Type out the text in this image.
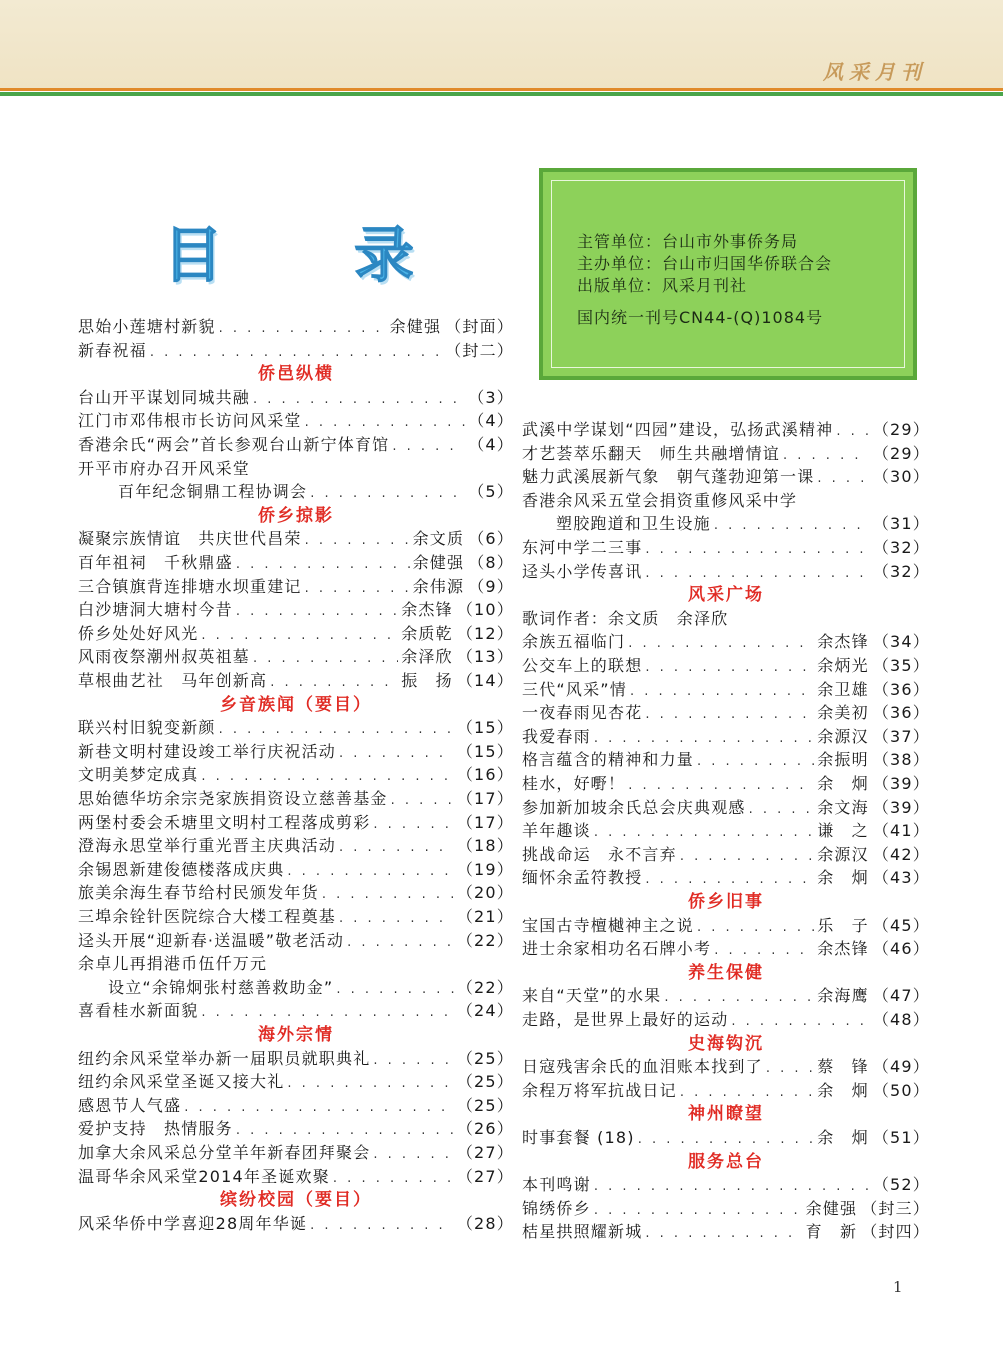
风采月刊
目 录	主管单位：台山市外事侨务局
主办单位：台山市归国华侨联合会
出版单位：风采月刊社
国内统一刊号CN44-(Q)1084号
思始小莲塘村新貌 . . .	余健强 （封面）
新春祝福 . . .	（封二）
侨邑纵横
台山开平谋划同城共融 . . .	（3）
江门市邓伟根市长访问风采堂 . . .	（4）
香港余氏“两会”首长参观台山新宁体育馆 . . .	（4）
开平市府办召开风采堂
百年纪念铜鼎工程协调会 . . .	（5）
侨乡掠影
凝聚宗族情谊　共庆世代昌荣 . . .	余文质 （6）
百年祖祠　千秋鼎盛 . . .	余健强 （8）
三合镇旗背连排塘水坝重建记 . . .	余伟源 （9）
白沙塘洞大塘村今昔 . . .	余杰锋 （10）
侨乡处处好风光 . . .	余质乾 （12）
风雨夜祭潮州叔英祖墓 . . .	余泽欣 （13）
草根曲艺社　马年创新高 . . .	振　扬 （14）
乡音族闻（要目）
联兴村旧貌变新颜 . . .	（15）
新巷文明村建设竣工举行庆祝活动 . . .	（15）
文明美梦定成真 . . .	（16）
思始德华坊余宗尧家族捐资设立慈善基金 . . .	（17）
两堡村委会禾塘里文明村工程落成剪彩 . . .	（17）
澄海永思堂举行重光晋主庆典活动 . . .	（18）
余锡恩新建俊德楼落成庆典 . . .	（19）
旅美余海生春节给村民颁发年货 . . .	（20）
三埠余铨针医院综合大楼工程奠基 . . .	（21）
迳头开展“迎新春·送温暖”敬老活动 . . .	（22）
余卓儿再捐港币伍仟万元
设立“余锦炯张村慈善救助金” . . .	（22）
喜看桂水新面貌 . . .	（24）
海外宗情
纽约余风采堂举办新一届职员就职典礼 . . .	（25）
纽约余风采堂圣诞又接大礼 . . .	（25）
感恩节人气盛 . . .	（25）
爱护支持　热情服务 . . .	（26）
加拿大余风采总分堂羊年新春团拜聚会 . . .	（27）
温哥华余风采堂2014年圣诞欢聚 . . .	（27）
缤纷校园（要目）
风采华侨中学喜迎28周年华诞 . . .	（28）
武溪中学谋划“四园”建设，弘扬武溪精神 . . . （29）
才艺荟萃乐翻天　师生共融增情谊 . . .	（29）
魅力武溪展新气象　朝气蓬勃迎第一课 . . .	（30）
香港余风采五堂会捐资重修风采中学
塑胶跑道和卫生设施 . . .	（31）
东河中学二三事 . . .	（32）
迳头小学传喜讯 . . .	（32）
风采广场
歌词作者：余文质　余泽欣
余族五福临门 . . .	余杰锋 （34）
公交车上的联想 . . .	余炳光 （35）
三代“风采”情 . . .	余卫雄 （36）
一夜春雨见杏花 . . .	余美初 （36）
我爱春雨 . . .	余源汉 （37）
格言蕴含的精神和力量 . . .	余振明 （38）
桂水，好嘢！ . . .	余　炯 （39）
参加新加坡余氏总会庆典观感 . . .	余文海 （39）
羊年趣谈 . . .	谦　之 （41）
挑战命运　永不言弃 . . .	余源汉 （42）
缅怀余孟符教授 . . .	余　炯 （43）
侨乡旧事
宝国古寺檀樾神主之说 . . .	乐　子 （45）
进士余家相功名石牌小考 . . .	余杰锋 （46）
养生保健
来自“天堂”的水果 . . .	余海鹰 （47）
走路，是世界上最好的运动 . . .	（48）
史海钩沉
日寇残害余氏的血泪账本找到了 . . .	蔡　锋 （49）
余程万将军抗战日记 . . .	余　炯 （50）
神州瞭望
时事套餐 (18) . . .	余　炯 （51）
服务总台
本刊鸣谢 . . .	（52）
锦绣侨乡 . . .	余健强 （封三）
桔星拱照耀新城 . . .	育　新 （封四）
1
